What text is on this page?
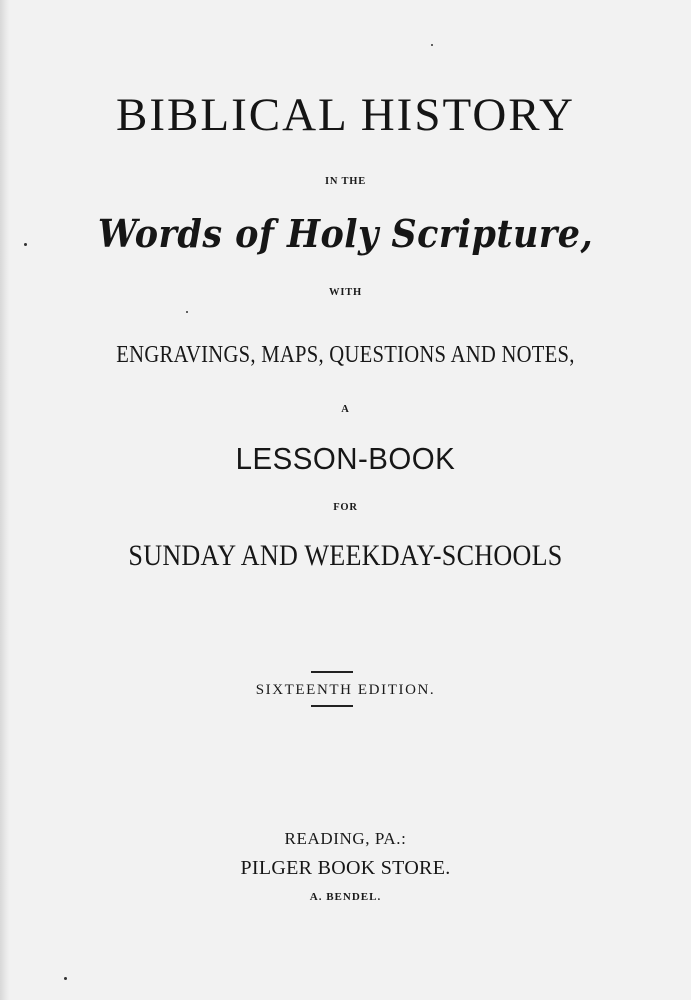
BIBLICAL HISTORY
IN THE
Words of Holy Scripture,
WITH
ENGRAVINGS, MAPS, QUESTIONS AND NOTES,
A
LESSON-BOOK
FOR
SUNDAY AND WEEKDAY-SCHOOLS
SIXTEENTH EDITION.
READING, PA.:
PILGER BOOK STORE.
A. BENDEL.
